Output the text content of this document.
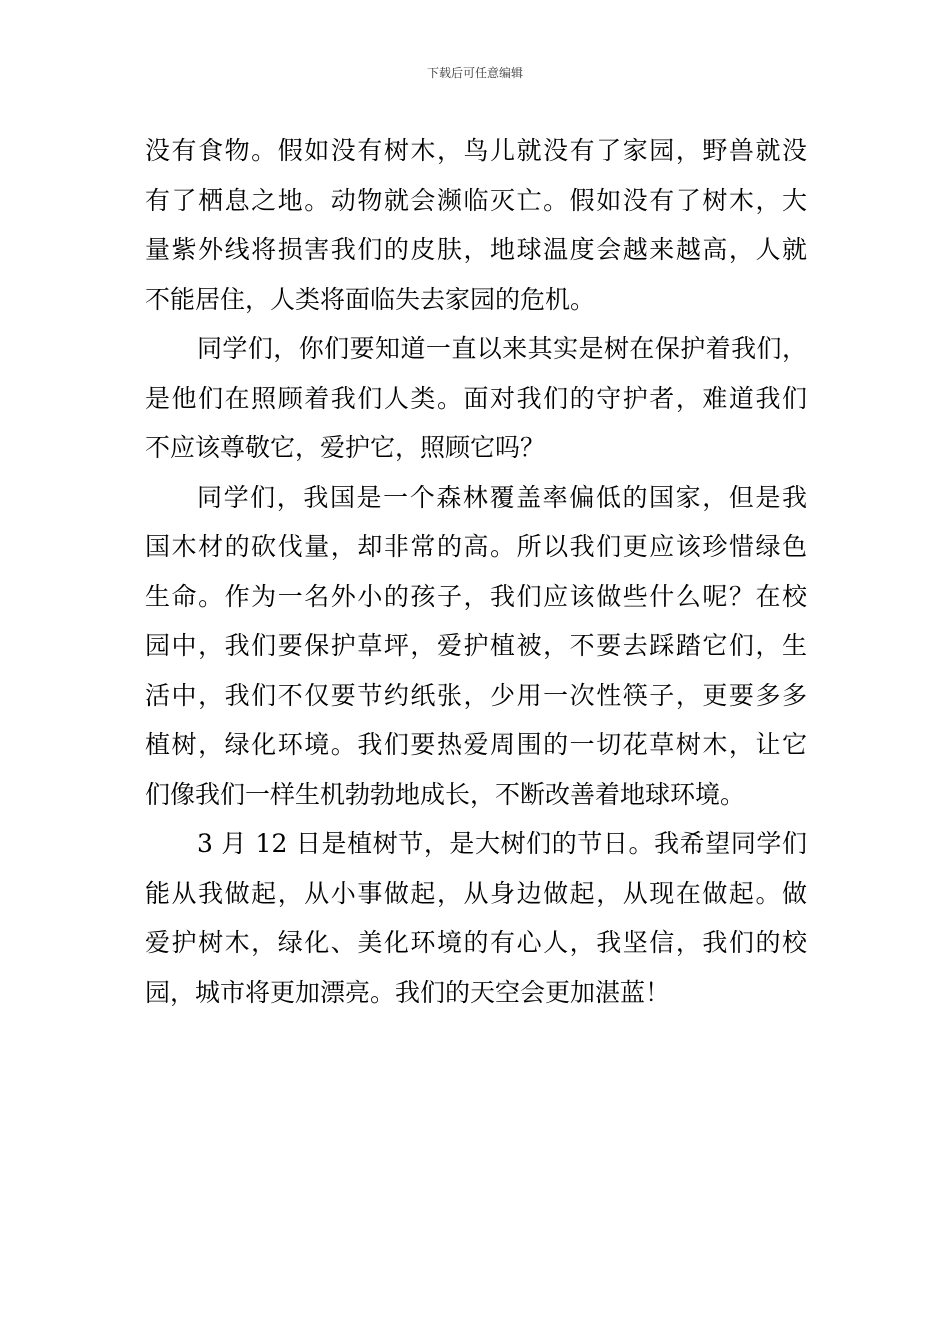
下载后可任意编辑
没有食物。假如没有树木，鸟儿就没有了家园，野兽就没
有了栖息之地。动物就会濒临灭亡。假如没有了树木，大
量紫外线将损害我们的皮肤，地球温度会越来越高，人就
不能居住，人类将面临失去家园的危机。
同学们，你们要知道一直以来其实是树在保护着我们，
是他们在照顾着我们人类。面对我们的守护者，难道我们
不应该尊敬它，爱护它，照顾它吗？
同学们，我国是一个森林覆盖率偏低的国家，但是我
国木材的砍伐量，却非常的高。所以我们更应该珍惜绿色
生命。作为一名外小的孩子，我们应该做些什么呢？在校
园中，我们要保护草坪，爱护植被，不要去踩踏它们，生
活中，我们不仅要节约纸张，少用一次性筷子，更要多多
植树，绿化环境。我们要热爱周围的一切花草树木，让它
们像我们一样生机勃勃地成长，不断改善着地球环境。
3 月 12 日是植树节，是大树们的节日。我希望同学们
能从我做起，从小事做起，从身边做起，从现在做起。做
爱护树木，绿化、美化环境的有心人，我坚信，我们的校
园，城市将更加漂亮。我们的天空会更加湛蓝！
